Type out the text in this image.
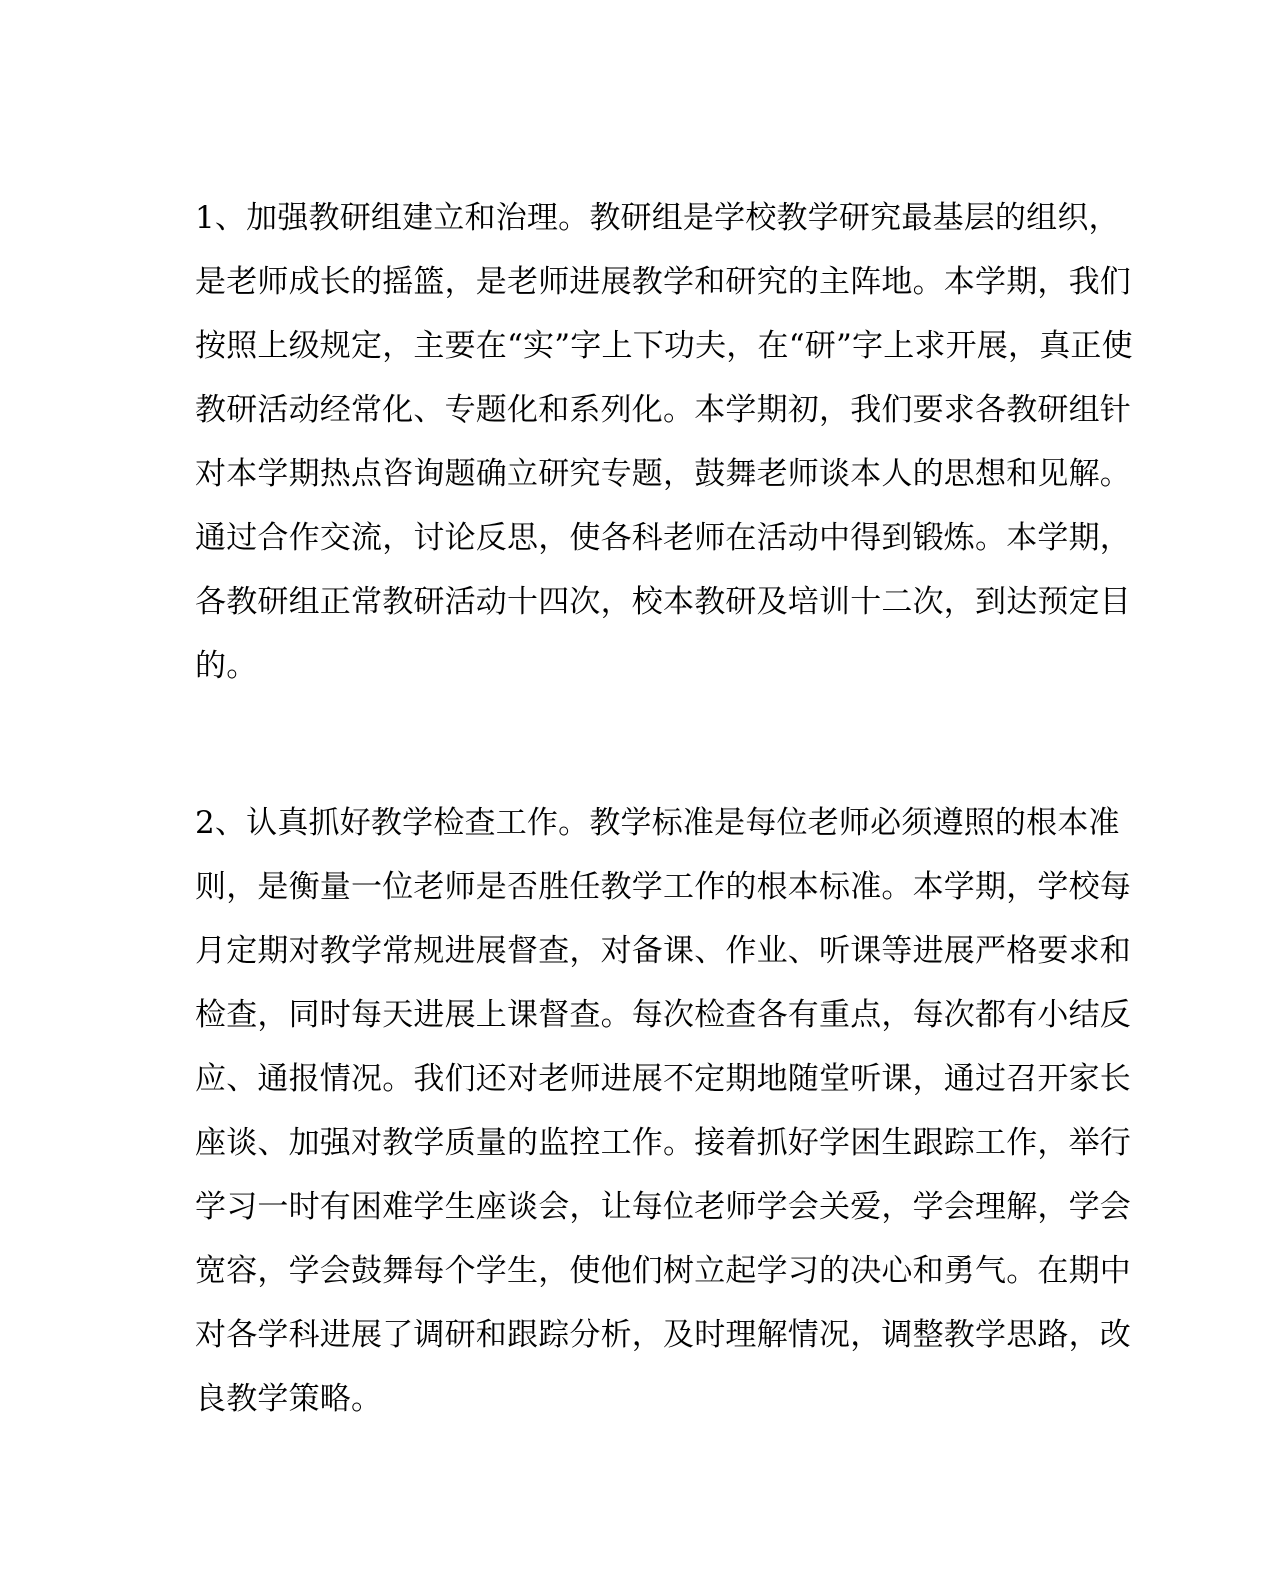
1、加强教研组建立和治理。教研组是学校教学研究最基层的组织，
是老师成长的摇篮，是老师进展教学和研究的主阵地。本学期，我们
按照上级规定，主要在“实”字上下功夫，在“研”字上求开展，真正使
教研活动经常化、专题化和系列化。本学期初，我们要求各教研组针
对本学期热点咨询题确立研究专题，鼓舞老师谈本人的思想和见解。
通过合作交流，讨论反思，使各科老师在活动中得到锻炼。本学期，
各教研组正常教研活动十四次，校本教研及培训十二次，到达预定目
的。
2、认真抓好教学检查工作。教学标准是每位老师必须遵照的根本准
则，是衡量一位老师是否胜任教学工作的根本标准。本学期，学校每
月定期对教学常规进展督查，对备课、作业、听课等进展严格要求和
检查，同时每天进展上课督查。每次检查各有重点，每次都有小结反
应、通报情况。我们还对老师进展不定期地随堂听课，通过召开家长
座谈、加强对教学质量的监控工作。接着抓好学困生跟踪工作，举行
学习一时有困难学生座谈会，让每位老师学会关爱，学会理解，学会
宽容，学会鼓舞每个学生，使他们树立起学习的决心和勇气。在期中
对各学科进展了调研和跟踪分析，及时理解情况，调整教学思路，改
良教学策略。
